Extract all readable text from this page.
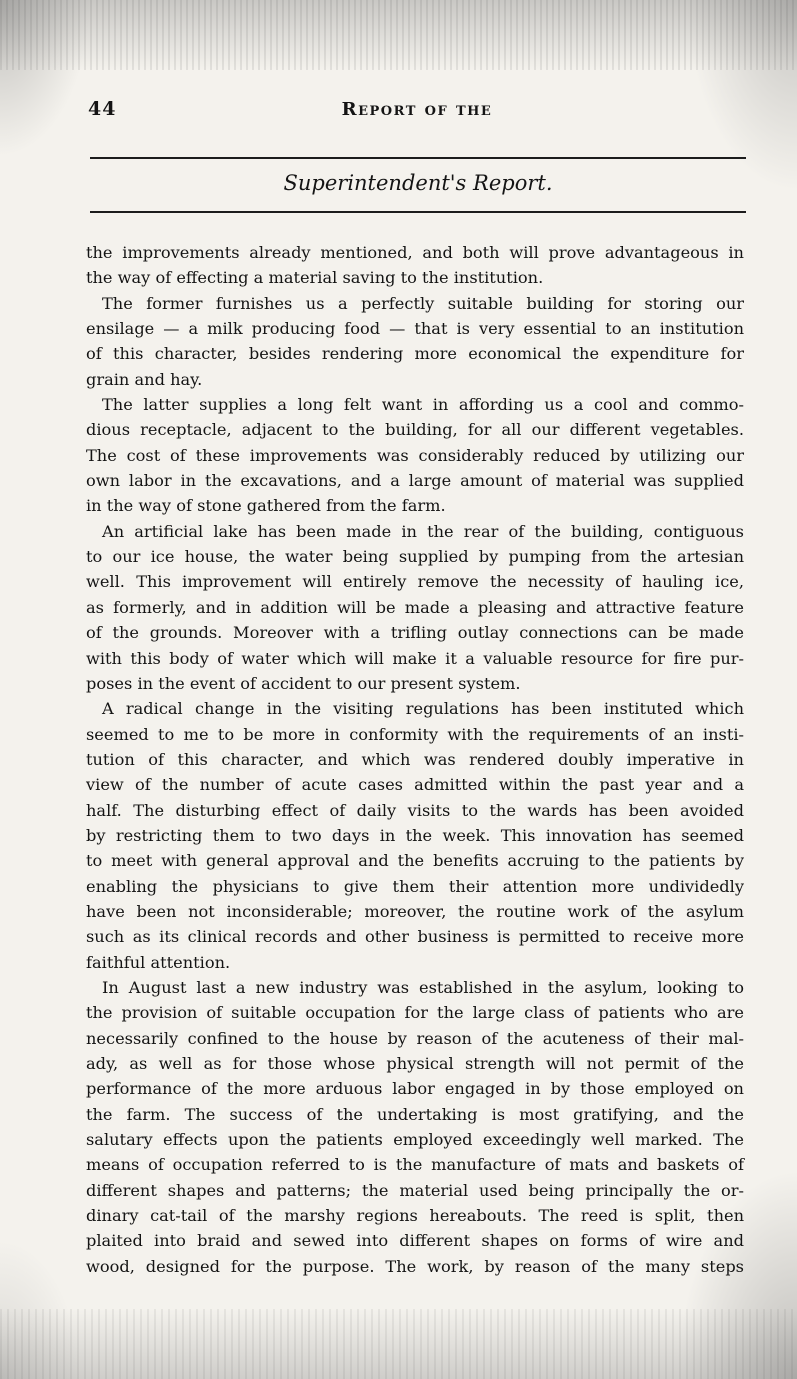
44	Report of the
Superintendent's Report.
the improvements already mentioned, and both will prove advantageous in
the way of effecting a material saving to the institution.
The former furnishes us a perfectly suitable building for storing our
ensilage — a milk producing food — that is very essential to an institution
of this character, besides rendering more economical the expenditure for
grain and hay.
The latter supplies a long felt want in affording us a cool and commo-
dious receptacle, adjacent to the building, for all our different vegetables.
The cost of these improvements was considerably reduced by utilizing our
own labor in the excavations, and a large amount of material was supplied
in the way of stone gathered from the farm.
An artificial lake has been made in the rear of the building, contiguous
to our ice house, the water being supplied by pumping from the artesian
well. This improvement will entirely remove the necessity of hauling ice,
as formerly, and in addition will be made a pleasing and attractive feature
of the grounds. Moreover with a trifling outlay connections can be made
with this body of water which will make it a valuable resource for fire pur-
poses in the event of accident to our present system.
A radical change in the visiting regulations has been instituted which
seemed to me to be more in conformity with the requirements of an insti-
tution of this character, and which was rendered doubly imperative in
view of the number of acute cases admitted within the past year and a
half. The disturbing effect of daily visits to the wards has been avoided
by restricting them to two days in the week. This innovation has seemed
to meet with general approval and the benefits accruing to the patients by
enabling the physicians to give them their attention more undividedly
have been not inconsiderable; moreover, the routine work of the asylum
such as its clinical records and other business is permitted to receive more
faithful attention.
In August last a new industry was established in the asylum, looking to
the provision of suitable occupation for the large class of patients who are
necessarily confined to the house by reason of the acuteness of their mal-
ady, as well as for those whose physical strength will not permit of the
performance of the more arduous labor engaged in by those employed on
the farm. The success of the undertaking is most gratifying, and the
salutary effects upon the patients employed exceedingly well marked. The
means of occupation referred to is the manufacture of mats and baskets of
different shapes and patterns; the material used being principally the or-
dinary cat-tail of the marshy regions hereabouts. The reed is split, then
plaited into braid and sewed into different shapes on forms of wire and
wood, designed for the purpose. The work, by reason of the many steps
